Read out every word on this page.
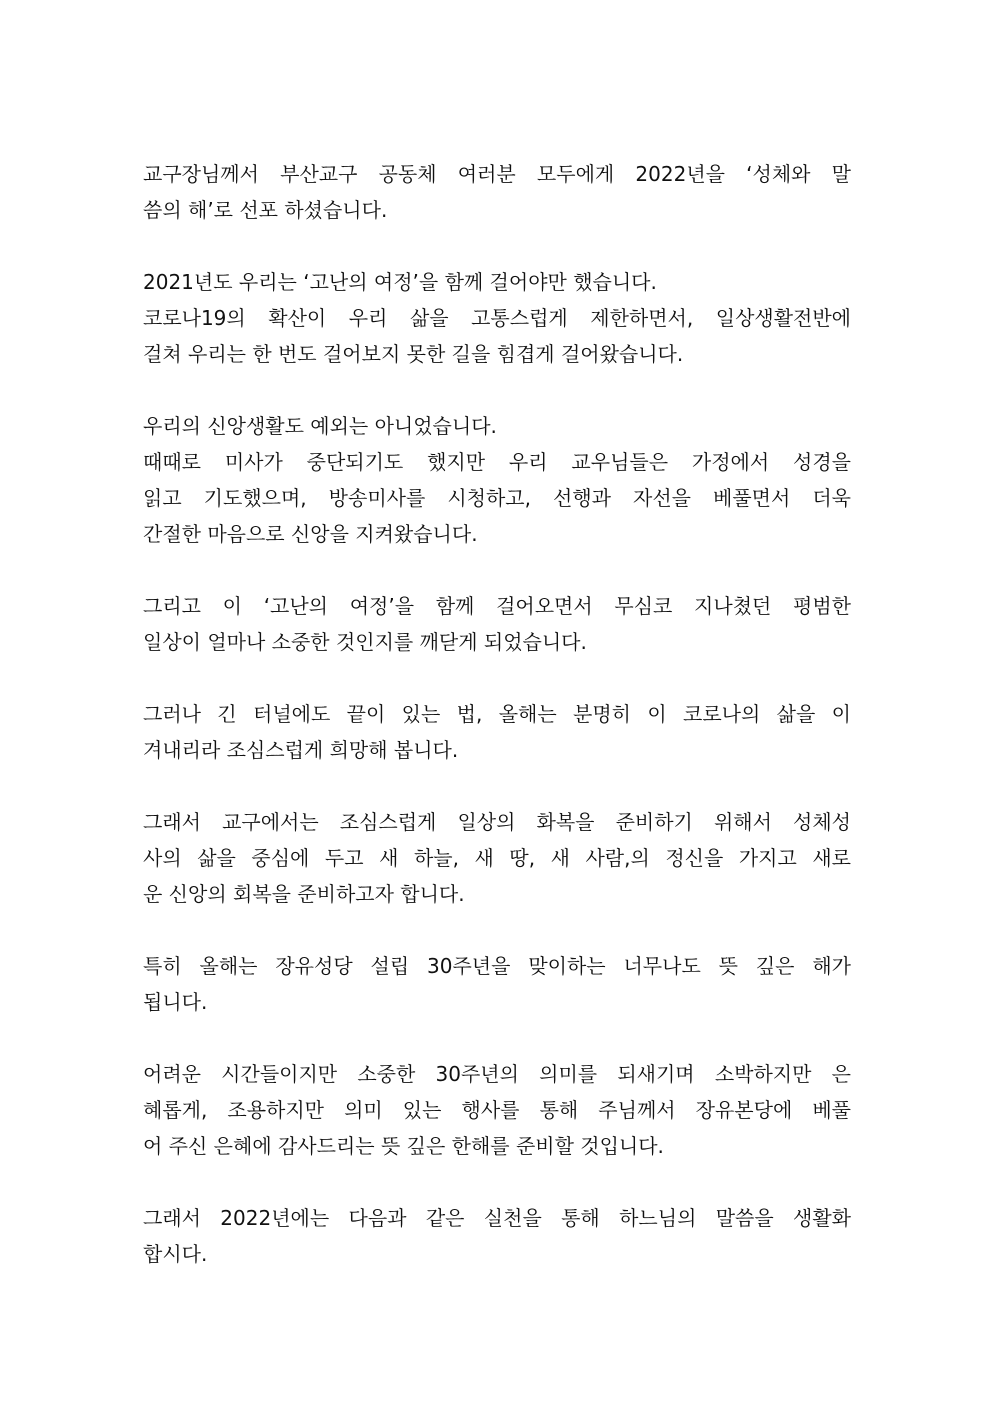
교구장님께서 부산교구 공동체 여러분 모두에게 2022년을 ‘성체와 말
씀의 해’로 선포 하셨습니다.

2021년도 우리는 ‘고난의 여정’을 함께 걸어야만 했습니다.
코로나19의 확산이 우리 삶을 고통스럽게 제한하면서, 일상생활전반에
걸쳐 우리는 한 번도 걸어보지 못한 길을 힘겹게 걸어왔습니다.

우리의 신앙생활도 예외는 아니었습니다.
때때로 미사가 중단되기도 했지만 우리 교우님들은 가정에서 성경을
읽고 기도했으며, 방송미사를 시청하고, 선행과 자선을 베풀면서 더욱
간절한 마음으로 신앙을 지켜왔습니다.

그리고 이 ‘고난의 여정’을 함께 걸어오면서 무심코 지나쳤던 평범한
일상이 얼마나 소중한 것인지를 깨닫게 되었습니다.

그러나 긴 터널에도 끝이 있는 법, 올해는 분명히 이 코로나의 삶을 이
겨내리라 조심스럽게 희망해 봅니다.

그래서 교구에서는 조심스럽게 일상의 화복을 준비하기 위해서 성체성
사의 삶을 중심에 두고 새 하늘, 새 땅, 새 사람,의 정신을 가지고 새로
운 신앙의 회복을 준비하고자 합니다.

특히 올해는 장유성당 설립 30주년을 맞이하는 너무나도 뜻 깊은 해가
됩니다.

어려운 시간들이지만 소중한 30주년의 의미를 되새기며 소박하지만 은
혜롭게, 조용하지만 의미 있는 행사를 통해 주님께서 장유본당에 베풀
어 주신 은혜에 감사드리는 뜻 깊은 한해를 준비할 것입니다.

그래서 2022년에는 다음과 같은 실천을 통해 하느님의 말씀을 생활화
합시다.
